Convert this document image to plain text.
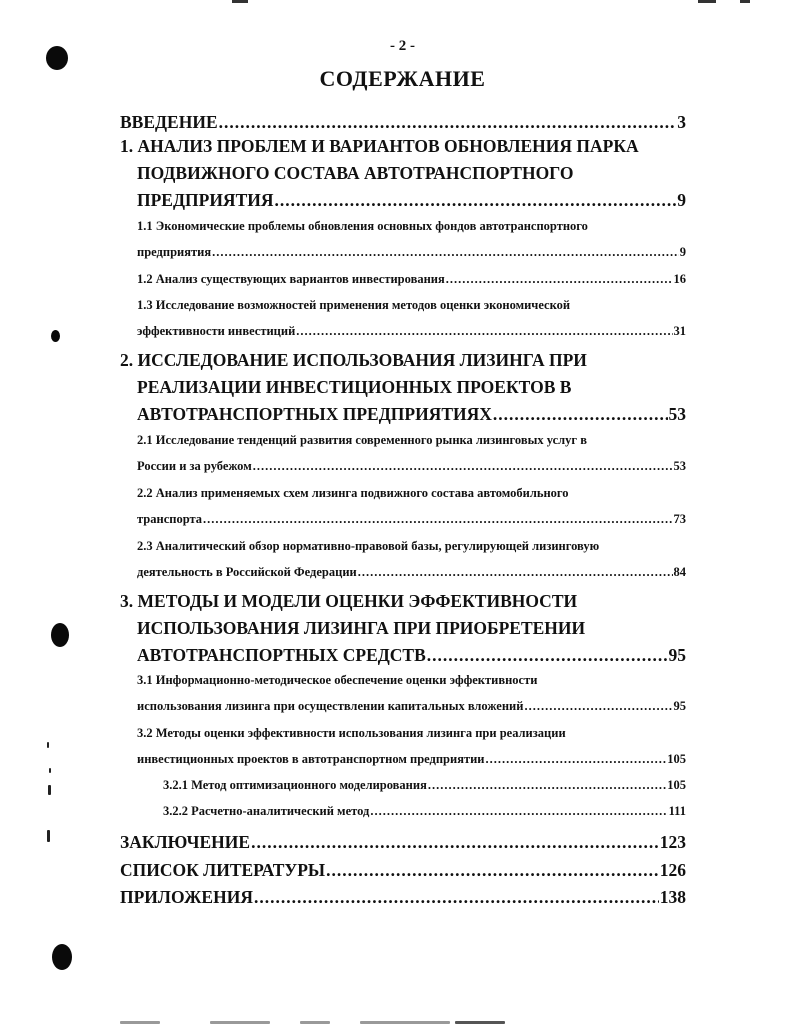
- 2 -
СОДЕРЖАНИЕ
ВВЕДЕНИЕ .....	3
1. АНАЛИЗ ПРОБЛЕМ И ВАРИАНТОВ ОБНОВЛЕНИЯ ПАРКА
ПОДВИЖНОГО СОСТАВА АВТОТРАНСПОРТНОГО
ПРЕДПРИЯТИЯ .....	9
1.1 Экономические проблемы обновления основных фондов автотранспортного
предприятия .....	9
1.2 Анализ существующих вариантов инвестирования .....	16
1.3 Исследование возможностей применения методов оценки экономической
эффективности инвестиций .....	31
2. ИССЛЕДОВАНИЕ ИСПОЛЬЗОВАНИЯ ЛИЗИНГА ПРИ
РЕАЛИЗАЦИИ ИНВЕСТИЦИОННЫХ ПРОЕКТОВ В
АВТОТРАНСПОРТНЫХ ПРЕДПРИЯТИЯХ .....	53
2.1 Исследование тенденций развития современного рынка лизинговых услуг в
России и за рубежом .....	53
2.2 Анализ применяемых схем лизинга подвижного состава автомобильного
транспорта .....	73
2.3 Аналитический обзор нормативно-правовой базы, регулирующей лизинговую
деятельность в Российской Федерации .....	84
3. МЕТОДЫ И МОДЕЛИ ОЦЕНКИ ЭФФЕКТИВНОСТИ
ИСПОЛЬЗОВАНИЯ ЛИЗИНГА ПРИ ПРИОБРЕТЕНИИ
АВТОТРАНСПОРТНЫХ СРЕДСТВ .....	95
3.1 Информационно-методическое обеспечение оценки эффективности
использования лизинга при осуществлении капитальных вложений .....	95
3.2 Методы оценки эффективности использования лизинга при реализации
инвестиционных проектов в автотранспортном предприятии .....	105
3.2.1 Метод оптимизационного моделирования .....	105
3.2.2 Расчетно-аналитический метод .....	111
ЗАКЛЮЧЕНИЕ .....	123
СПИСОК ЛИТЕРАТУРЫ .....	126
ПРИЛОЖЕНИЯ .....	138
